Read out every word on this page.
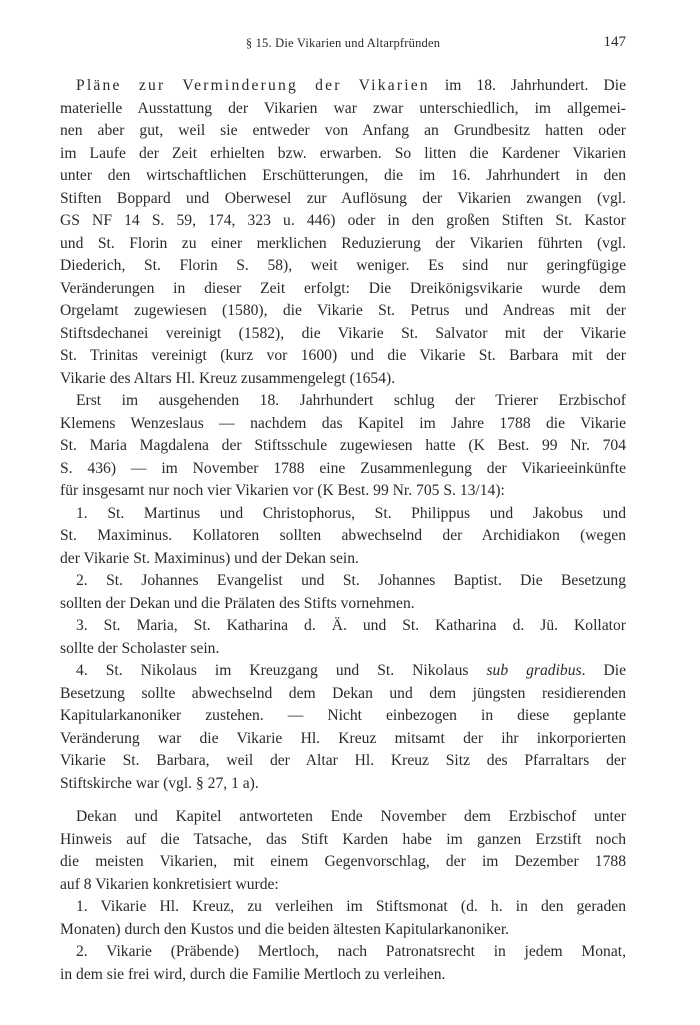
§ 15. Die Vikarien und Altarpfründen	147
Pläne zur Verminderung der Vikarien im 18. Jahrhundert. Die
materielle Ausstattung der Vikarien war zwar unterschiedlich, im allgemei-
nen aber gut, weil sie entweder von Anfang an Grundbesitz hatten oder
im Laufe der Zeit erhielten bzw. erwarben. So litten die Kardener Vikarien
unter den wirtschaftlichen Erschütterungen, die im 16. Jahrhundert in den
Stiften Boppard und Oberwesel zur Auflösung der Vikarien zwangen (vgl.
GS NF 14 S. 59, 174, 323 u. 446) oder in den großen Stiften St. Kastor
und St. Florin zu einer merklichen Reduzierung der Vikarien führten (vgl.
Diederich, St. Florin S. 58), weit weniger. Es sind nur geringfügige
Veränderungen in dieser Zeit erfolgt: Die Dreikönigsvikarie wurde dem
Orgelamt zugewiesen (1580), die Vikarie St. Petrus und Andreas mit der
Stiftsdechanei vereinigt (1582), die Vikarie St. Salvator mit der Vikarie
St. Trinitas vereinigt (kurz vor 1600) und die Vikarie St. Barbara mit der
Vikarie des Altars Hl. Kreuz zusammengelegt (1654).
Erst im ausgehenden 18. Jahrhundert schlug der Trierer Erzbischof
Klemens Wenzeslaus — nachdem das Kapitel im Jahre 1788 die Vikarie
St. Maria Magdalena der Stiftsschule zugewiesen hatte (K Best. 99 Nr. 704
S. 436) — im November 1788 eine Zusammenlegung der Vikarieeinkünfte
für insgesamt nur noch vier Vikarien vor (K Best. 99 Nr. 705 S. 13/14):
1. St. Martinus und Christophorus, St. Philippus und Jakobus und
St. Maximinus. Kollatoren sollten abwechselnd der Archidiakon (wegen
der Vikarie St. Maximinus) und der Dekan sein.
2. St. Johannes Evangelist und St. Johannes Baptist. Die Besetzung
sollten der Dekan und die Prälaten des Stifts vornehmen.
3. St. Maria, St. Katharina d. Ä. und St. Katharina d. Jü. Kollator
sollte der Scholaster sein.
4. St. Nikolaus im Kreuzgang und St. Nikolaus sub gradibus. Die
Besetzung sollte abwechselnd dem Dekan und dem jüngsten residierenden
Kapitularkanoniker zustehen. — Nicht einbezogen in diese geplante
Veränderung war die Vikarie Hl. Kreuz mitsamt der ihr inkorporierten
Vikarie St. Barbara, weil der Altar Hl. Kreuz Sitz des Pfarraltars der
Stiftskirche war (vgl. § 27, 1 a).
Dekan und Kapitel antworteten Ende November dem Erzbischof unter
Hinweis auf die Tatsache, das Stift Karden habe im ganzen Erzstift noch
die meisten Vikarien, mit einem Gegenvorschlag, der im Dezember 1788
auf 8 Vikarien konkretisiert wurde:
1. Vikarie Hl. Kreuz, zu verleihen im Stiftsmonat (d. h. in den geraden
Monaten) durch den Kustos und die beiden ältesten Kapitularkanoniker.
2. Vikarie (Präbende) Mertloch, nach Patronatsrecht in jedem Monat,
in dem sie frei wird, durch die Familie Mertloch zu verleihen.
